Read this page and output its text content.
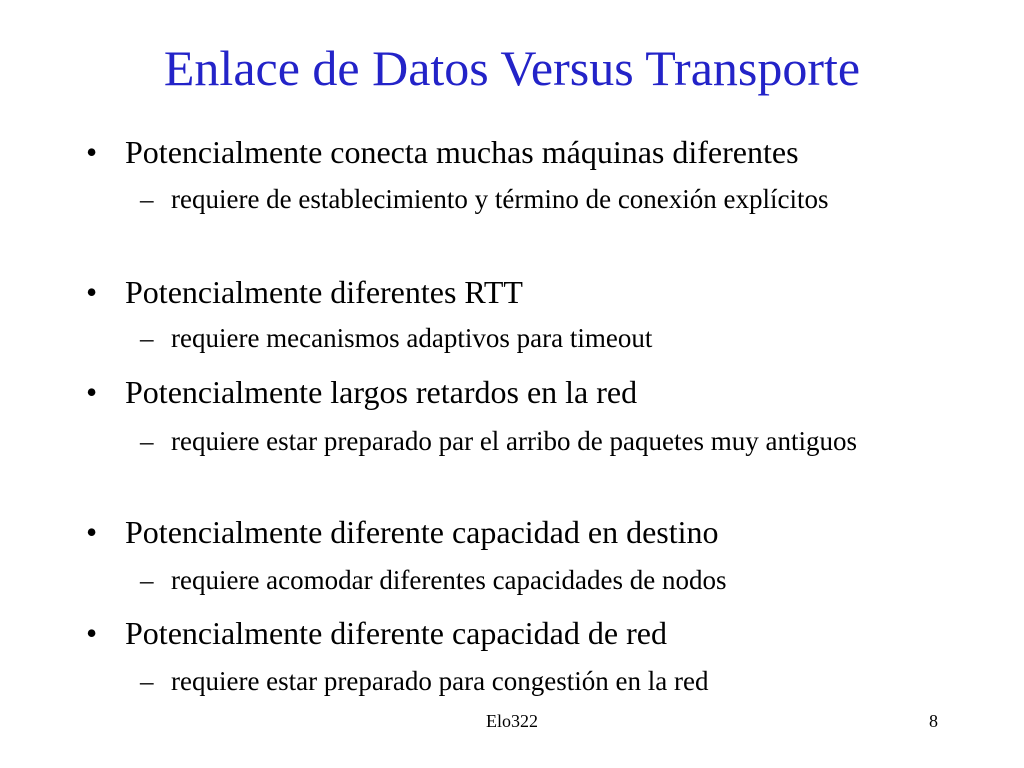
Enlace de Datos Versus Transporte
• Potencialmente conecta muchas máquinas diferentes
– requiere de establecimiento y término de conexión explícitos
• Potencialmente diferentes RTT
– requiere mecanismos adaptivos para timeout
• Potencialmente largos retardos en la red
– requiere estar preparado par el arribo de paquetes muy antiguos
• Potencialmente diferente capacidad en destino
– requiere acomodar diferentes capacidades de nodos
• Potencialmente diferente capacidad de red
– requiere estar preparado para congestión en la red
Elo322	8
